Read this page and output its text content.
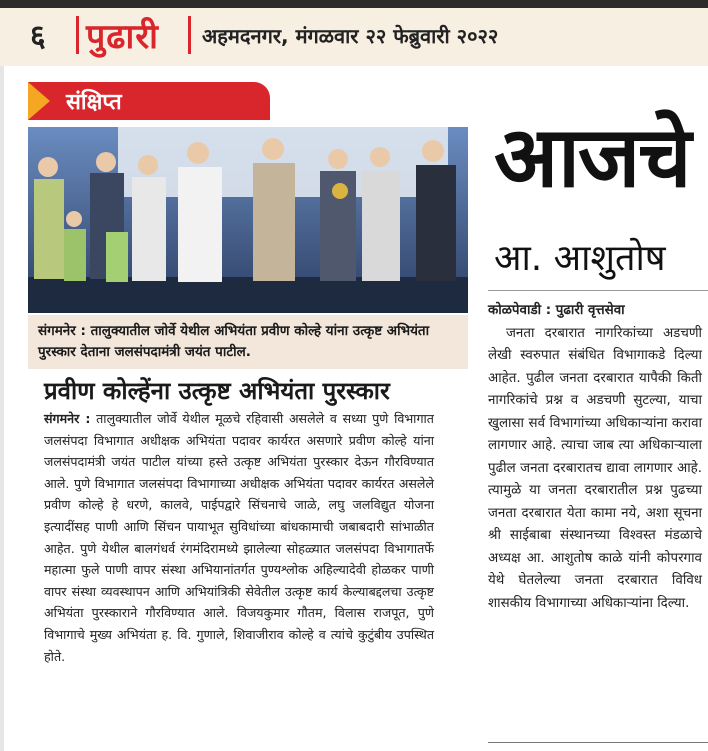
६ पुढारी अहमदनगर, मंगळवार २२ फेब्रुवारी २०२२
संक्षिप्त
संगमनेर : तालुक्यातील जोर्वे येथील अभियंता प्रवीण कोल्हे यांना उत्कृष्ट अभियंता पुरस्कार देताना जलसंपदामंत्री जयंत पाटील.
प्रवीण कोल्हेंना उत्कृष्ट अभियंता पुरस्कार
संगमनेर : तालुक्यातील जोर्वे येथील मूळचे रहिवासी असलेले व सध्या पुणे विभागात जलसंपदा विभागात अधीक्षक अभियंता पदावर कार्यरत असणारे प्रवीण कोल्हे यांना जलसंपदामंत्री जयंत पाटील यांच्या हस्ते उत्कृष्ट अभियंता पुरस्कार देऊन गौरविण्यात आले. पुणे विभागात जलसंपदा विभागाच्या अधीक्षक अभियंता पदावर कार्यरत असलेले प्रवीण कोल्हे हे धरणे, कालवे, पाईपद्वारे सिंचनाचे जाळे, लघु जलविद्युत योजना इत्यादींसह पाणी आणि सिंचन पायाभूत सुविधांच्या बांधकामाची जबाबदारी सांभाळीत आहेत. पुणे येथील बालगंधर्व रंगमंदिरामध्ये झालेल्या सोहळ्यात जलसंपदा विभागातर्फे महात्मा फुले पाणी वापर संस्था अभियानांतर्गत पुण्यश्लोक अहिल्यादेवी होळकर पाणी वापर संस्था व्यवस्थापन आणि अभियांत्रिकी सेवेतील उत्कृष्ट कार्य केल्याबद्दलचा उत्कृष्ट अभियंता पुरस्काराने गौरविण्यात आले. विजयकुमार गौतम, विलास राजपूत, पुणे विभागाचे मुख्य अभियंता ह. वि. गुणाले, शिवाजीराव कोल्हे व त्यांचे कुटुंबीय उपस्थित होते.
आजचे
आ. आशुतोष
कोळपेवाडी : पुढारी वृत्तसेवा
जनता दरबारात नागरिकांच्या अडचणी लेखी स्वरुपात संबंधित विभागाकडे दिल्या आहेत. पुढील जनता दरबारात यापैकी किती नागरिकांचे प्रश्न व अडचणी सुटल्या, याचा खुलासा सर्व विभागांच्या अधिकाऱ्यांना करावा लागणार आहे. त्याचा जाब त्या अधिकाऱ्याला पुढील जनता दरबारातच द्यावा लागणार आहे. त्यामुळे या जनता दरबारातील प्रश्न पुढच्या जनता दरबारात येता कामा नये, अशा सूचना श्री साईबाबा संस्थानच्या विश्वस्त मंडळाचे अध्यक्ष आ. आशुतोष काळे यांनी कोपरगाव येथे घेतलेल्या जनता दरबारात विविध शासकीय विभागाच्या अधिकाऱ्यांना दिल्या.
